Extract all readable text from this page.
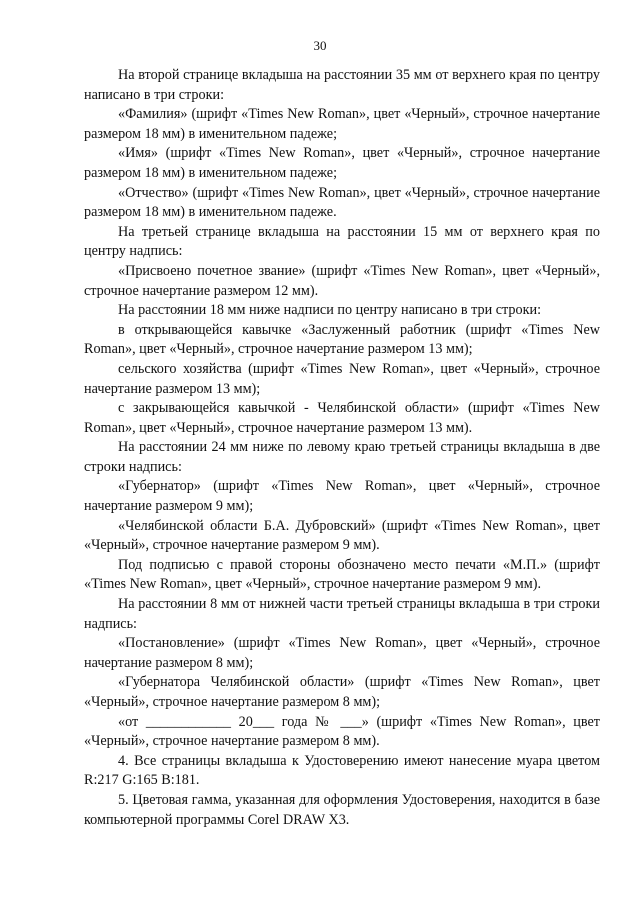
30

На второй странице вкладыша на расстоянии 35 мм от верхнего края по центру написано в три строки:

«Фамилия» (шрифт «Times New Roman», цвет «Черный», строчное начертание размером 18 мм) в именительном падеже;

«Имя» (шрифт «Times New Roman», цвет «Черный», строчное начертание размером 18 мм) в именительном падеже;

«Отчество» (шрифт «Times New Roman», цвет «Черный», строчное начертание размером 18 мм) в именительном падеже.

На третьей странице вкладыша на расстоянии 15 мм от верхнего края по центру надпись:

«Присвоено почетное звание» (шрифт «Times New Roman», цвет «Черный», строчное начертание размером 12 мм).

На расстоянии 18 мм ниже надписи по центру написано в три строки:

в открывающейся кавычке «Заслуженный работник (шрифт «Times New Roman», цвет «Черный», строчное начертание размером 13 мм);

сельского хозяйства (шрифт «Times New Roman», цвет «Черный», строчное начертание размером 13 мм);

с закрывающейся кавычкой - Челябинской области» (шрифт «Times New Roman», цвет «Черный», строчное начертание размером 13 мм).

На расстоянии 24 мм ниже по левому краю третьей страницы вкладыша в две строки надпись:

«Губернатор» (шрифт «Times New Roman», цвет «Черный», строчное начертание размером 9 мм);

«Челябинской области Б.А. Дубровский» (шрифт «Times New Roman», цвет «Черный», строчное начертание размером 9 мм).

Под подписью с правой стороны обозначено место печати «М.П.» (шрифт «Times New Roman», цвет «Черный», строчное начертание размером 9 мм).

На расстоянии 8 мм от нижней части третьей страницы вкладыша в три строки надпись:

«Постановление» (шрифт «Times New Roman», цвет «Черный», строчное начертание размером 8 мм);

«Губернатора Челябинской области» (шрифт «Times New Roman», цвет «Черный», строчное начертание размером 8 мм);

«от ____________ 20___ года № ___» (шрифт «Times New Roman», цвет «Черный», строчное начертание размером 8 мм).

4. Все страницы вкладыша к Удостоверению имеют нанесение муара цветом R:217 G:165 B:181.

5. Цветовая гамма, указанная для оформления Удостоверения, находится в базе компьютерной программы Corel DRAW X3.
